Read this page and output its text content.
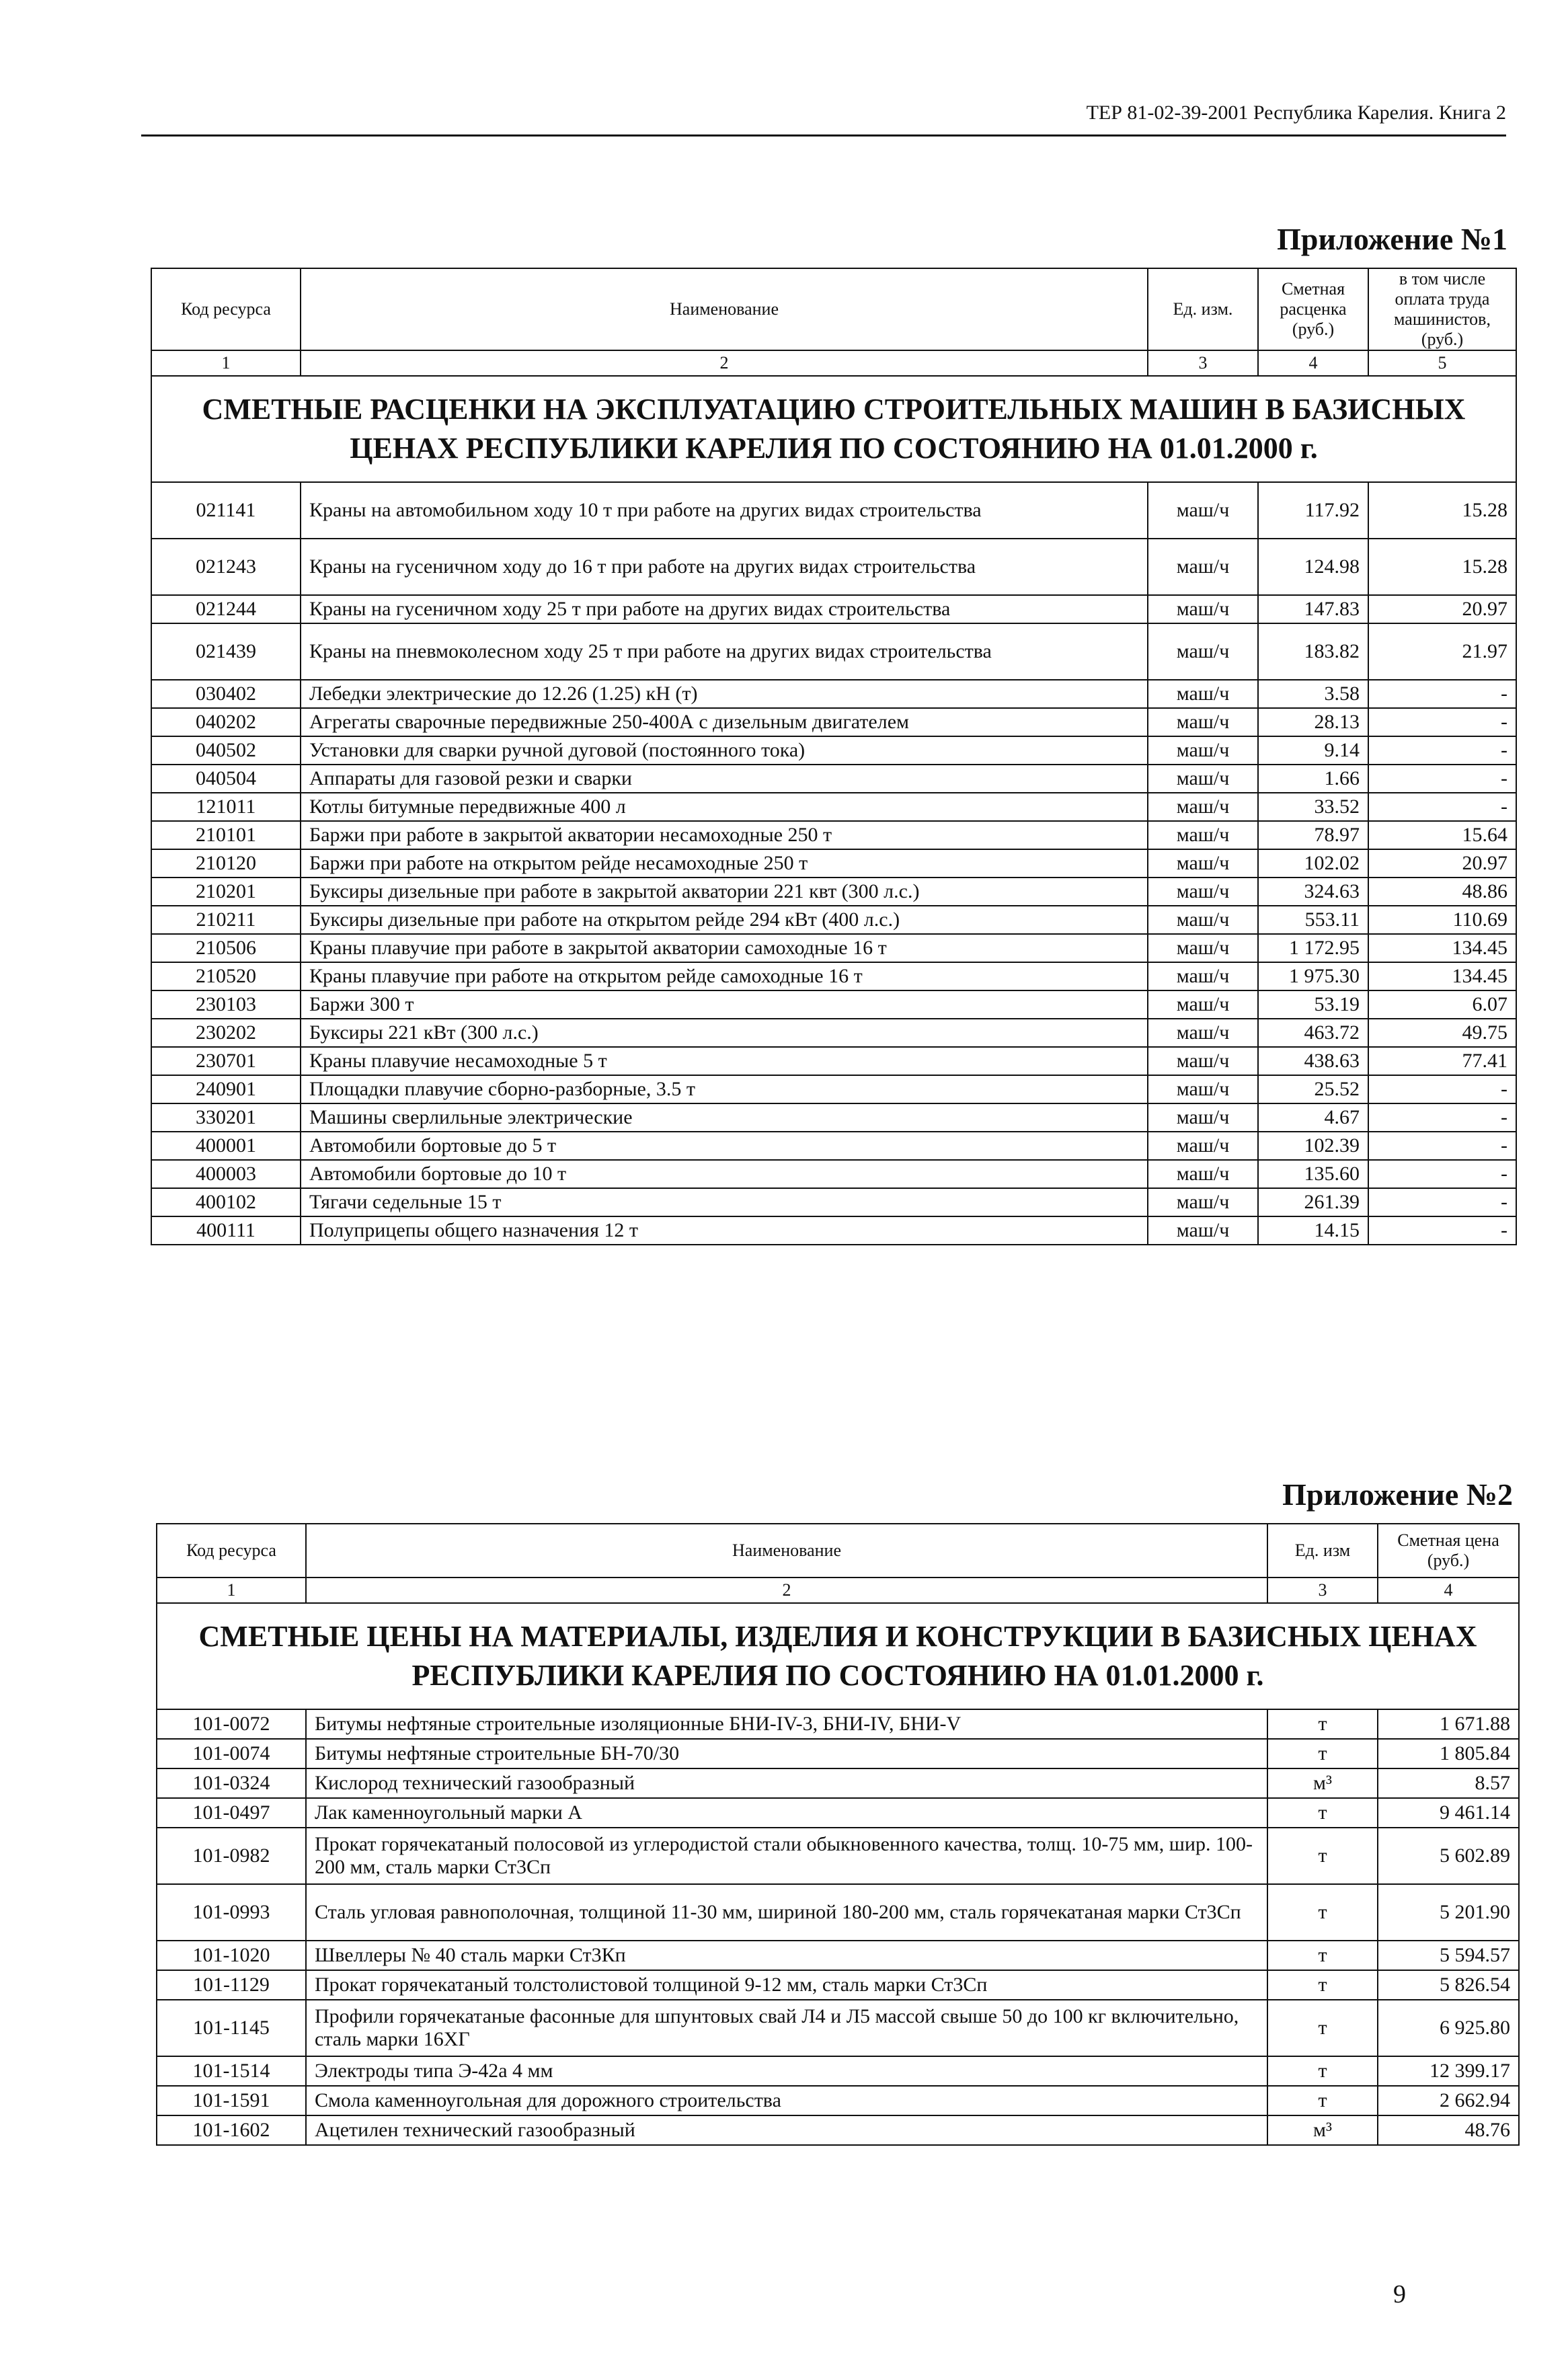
ТЕР 81-02-39-2001 Республика Карелия. Книга 2
Приложение №1
Код ресурса	Наименование	Ед. изм.	Сметная расценка (руб.)	в том числе оплата труда машинистов, (руб.)
1	2	3	4	5
СМЕТНЫЕ РАСЦЕНКИ НА ЭКСПЛУАТАЦИЮ СТРОИТЕЛЬНЫХ МАШИН В БАЗИСНЫХ ЦЕНАХ РЕСПУБЛИКИ КАРЕЛИЯ ПО СОСТОЯНИЮ НА 01.01.2000 г.				
021141	Краны на автомобильном ходу 10 т при работе на других видах строительства	маш/ч	117.92	15.28
021243	Краны на гусеничном ходу до 16 т при работе на других видах строительства	маш/ч	124.98	15.28
021244	Краны на гусеничном ходу 25 т при работе на других видах строительства	маш/ч	147.83	20.97
021439	Краны на пневмоколесном ходу 25 т при работе на других видах строительства	маш/ч	183.82	21.97
030402	Лебедки электрические до 12.26 (1.25) кН (т)	маш/ч	3.58	-
040202	Агрегаты сварочные передвижные 250-400А с дизельным двигателем	маш/ч	28.13	-
040502	Установки для сварки ручной дуговой (постоянного тока)	маш/ч	9.14	-
040504	Аппараты для газовой резки и сварки	маш/ч	1.66	-
121011	Котлы битумные передвижные 400 л	маш/ч	33.52	-
210101	Баржи при работе в закрытой акватории несамоходные 250 т	маш/ч	78.97	15.64
210120	Баржи при работе на открытом рейде несамоходные 250 т	маш/ч	102.02	20.97
210201	Буксиры дизельные при работе в закрытой акватории 221 квт (300 л.с.)	маш/ч	324.63	48.86
210211	Буксиры дизельные при работе на открытом рейде 294 кВт (400 л.с.)	маш/ч	553.11	110.69
210506	Краны плавучие при работе в закрытой акватории самоходные 16 т	маш/ч	1 172.95	134.45
210520	Краны плавучие при работе на открытом рейде самоходные 16 т	маш/ч	1 975.30	134.45
230103	Баржи 300 т	маш/ч	53.19	6.07
230202	Буксиры 221 кВт (300 л.с.)	маш/ч	463.72	49.75
230701	Краны плавучие несамоходные 5 т	маш/ч	438.63	77.41
240901	Площадки плавучие сборно-разборные, 3.5 т	маш/ч	25.52	-
330201	Машины сверлильные электрические	маш/ч	4.67	-
400001	Автомобили бортовые до 5 т	маш/ч	102.39	-
400003	Автомобили бортовые до 10 т	маш/ч	135.60	-
400102	Тягачи седельные 15 т	маш/ч	261.39	-
400111	Полуприцепы общего назначения 12 т	маш/ч	14.15	-
Приложение №2
Код ресурса	Наименование	Ед. изм	Сметная цена (руб.)
1	2	3	4
СМЕТНЫЕ ЦЕНЫ НА МАТЕРИАЛЫ, ИЗДЕЛИЯ И КОНСТРУКЦИИ В БАЗИСНЫХ ЦЕНАХ РЕСПУБЛИКИ КАРЕЛИЯ ПО СОСТОЯНИЮ НА 01.01.2000 г.			
101-0072	Битумы нефтяные строительные изоляционные БНИ-IV-3, БНИ-IV, БНИ-V	т	1 671.88
101-0074	Битумы нефтяные строительные БН-70/30	т	1 805.84
101-0324	Кислород технический газообразный	м³	8.57
101-0497	Лак каменноугольный марки А	т	9 461.14
101-0982	Прокат горячекатаный полосовой из углеродистой стали обыкновенного качества, толщ. 10-75 мм, шир. 100-200 мм, сталь марки Ст3Сп	т	5 602.89
101-0993	Сталь угловая равнополочная, толщиной 11-30 мм, шириной 180-200 мм, сталь горячекатаная марки Ст3Сп	т	5 201.90
101-1020	Швеллеры № 40 сталь марки Ст3Кп	т	5 594.57
101-1129	Прокат горячекатаный толстолистовой толщиной 9-12 мм, сталь марки Ст3Сп	т	5 826.54
101-1145	Профили горячекатаные фасонные для шпунтовых свай Л4 и Л5 массой свыше 50 до 100 кг включительно, сталь марки 16ХГ	т	6 925.80
101-1514	Электроды типа Э-42а 4 мм	т	12 399.17
101-1591	Смола каменноугольная для дорожного строительства	т	2 662.94
101-1602	Ацетилен технический газообразный	м³	48.76
9
